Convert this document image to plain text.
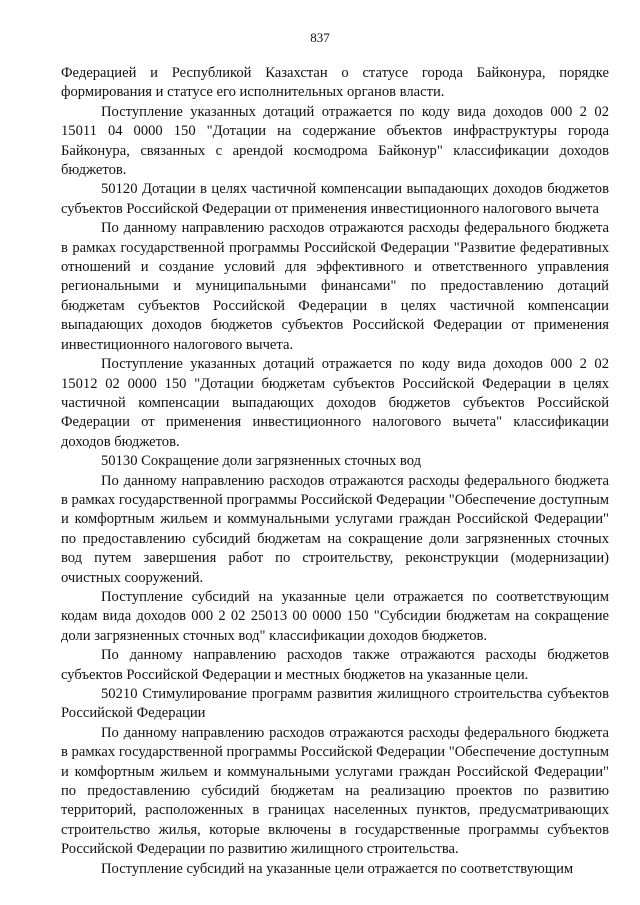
837

Федерацией и Республикой Казахстан о статусе города Байконура, порядке формирования и статусе его исполнительных органов власти.

Поступление указанных дотаций отражается по коду вида доходов 000 2 02 15011 04 0000 150 "Дотации на содержание объектов инфраструктуры города Байконура, связанных с арендой космодрома Байконур" классификации доходов бюджетов.

50120 Дотации в целях частичной компенсации выпадающих доходов бюджетов субъектов Российской Федерации от применения инвестиционного налогового вычета

По данному направлению расходов отражаются расходы федерального бюджета в рамках государственной программы Российской Федерации "Развитие федеративных отношений и создание условий для эффективного и ответственного управления региональными и муниципальными финансами" по предоставлению дотаций бюджетам субъектов Российской Федерации в целях частичной компенсации выпадающих доходов бюджетов субъектов Российской Федерации от применения инвестиционного налогового вычета.

Поступление указанных дотаций отражается по коду вида доходов 000 2 02 15012 02 0000 150 "Дотации бюджетам субъектов Российской Федерации в целях частичной компенсации выпадающих доходов бюджетов субъектов Российской Федерации от применения инвестиционного налогового вычета" классификации доходов бюджетов.

50130 Сокращение доли загрязненных сточных вод

По данному направлению расходов отражаются расходы федерального бюджета в рамках государственной программы Российской Федерации "Обеспечение доступным и комфортным жильем и коммунальными услугами граждан Российской Федерации" по предоставлению субсидий бюджетам на сокращение доли загрязненных сточных вод путем завершения работ по строительству, реконструкции (модернизации) очистных сооружений.

Поступление субсидий на указанные цели отражается по соответствующим кодам вида доходов 000 2 02 25013 00 0000 150 "Субсидии бюджетам на сокращение доли загрязненных сточных вод" классификации доходов бюджетов.

По данному направлению расходов также отражаются расходы бюджетов субъектов Российской Федерации и местных бюджетов на указанные цели.

50210 Стимулирование программ развития жилищного строительства субъектов Российской Федерации

По данному направлению расходов отражаются расходы федерального бюджета в рамках государственной программы Российской Федерации "Обеспечение доступным и комфортным жильем и коммунальными услугами граждан Российской Федерации" по предоставлению субсидий бюджетам на реализацию проектов по развитию территорий, расположенных в границах населенных пунктов, предусматривающих строительство жилья, которые включены в государственные программы субъектов Российской Федерации по развитию жилищного строительства.

Поступление субсидий на указанные цели отражается по соответствующим
